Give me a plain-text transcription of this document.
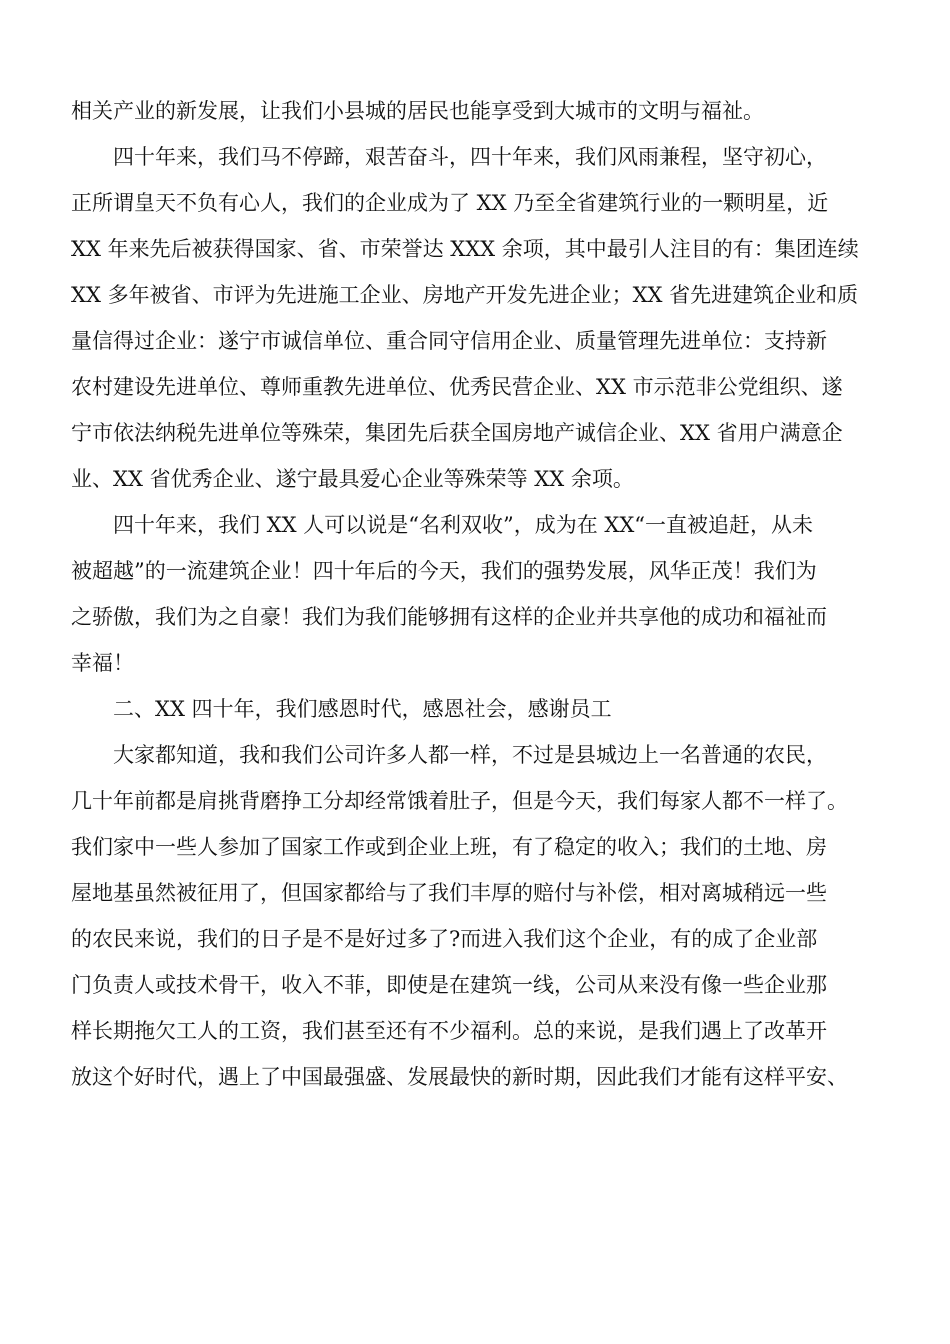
相关产业的新发展，让我们小县城的居民也能享受到大城市的文明与福祉。
四十年来，我们马不停蹄，艰苦奋斗，四十年来，我们风雨兼程，坚守初心，
正所谓皇天不负有心人，我们的企业成为了 XX 乃至全省建筑行业的一颗明星，近
XX 年来先后被获得国家、省、市荣誉达 XXX 余项，其中最引人注目的有：集团连续
XX 多年被省、市评为先进施工企业、房地产开发先进企业；XX 省先进建筑企业和质
量信得过企业：遂宁市诚信单位、重合同守信用企业、质量管理先进单位：支持新
农村建设先进单位、尊师重教先进单位、优秀民营企业、XX 市示范非公党组织、遂
宁市依法纳税先进单位等殊荣，集团先后获全国房地产诚信企业、XX 省用户满意企
业、XX 省优秀企业、遂宁最具爱心企业等殊荣等 XX 余项。
四十年来，我们 XX 人可以说是“名利双收”，成为在 XX“一直被追赶，从未
被超越”的一流建筑企业！四十年后的今天，我们的强势发展，风华正茂！我们为
之骄傲，我们为之自豪！我们为我们能够拥有这样的企业并共享他的成功和福祉而
幸福！
二、XX 四十年，我们感恩时代，感恩社会，感谢员工
大家都知道，我和我们公司许多人都一样，不过是县城边上一名普通的农民，
几十年前都是肩挑背磨挣工分却经常饿着肚子，但是今天，我们每家人都不一样了。
我们家中一些人参加了国家工作或到企业上班，有了稳定的收入；我们的土地、房
屋地基虽然被征用了，但国家都给与了我们丰厚的赔付与补偿，相对离城稍远一些
的农民来说，我们的日子是不是好过多了?而进入我们这个企业，有的成了企业部
门负责人或技术骨干，收入不菲，即使是在建筑一线，公司从来没有像一些企业那
样长期拖欠工人的工资，我们甚至还有不少福利。总的来说，是我们遇上了改革开
放这个好时代，遇上了中国最强盛、发展最快的新时期，因此我们才能有这样平安、
